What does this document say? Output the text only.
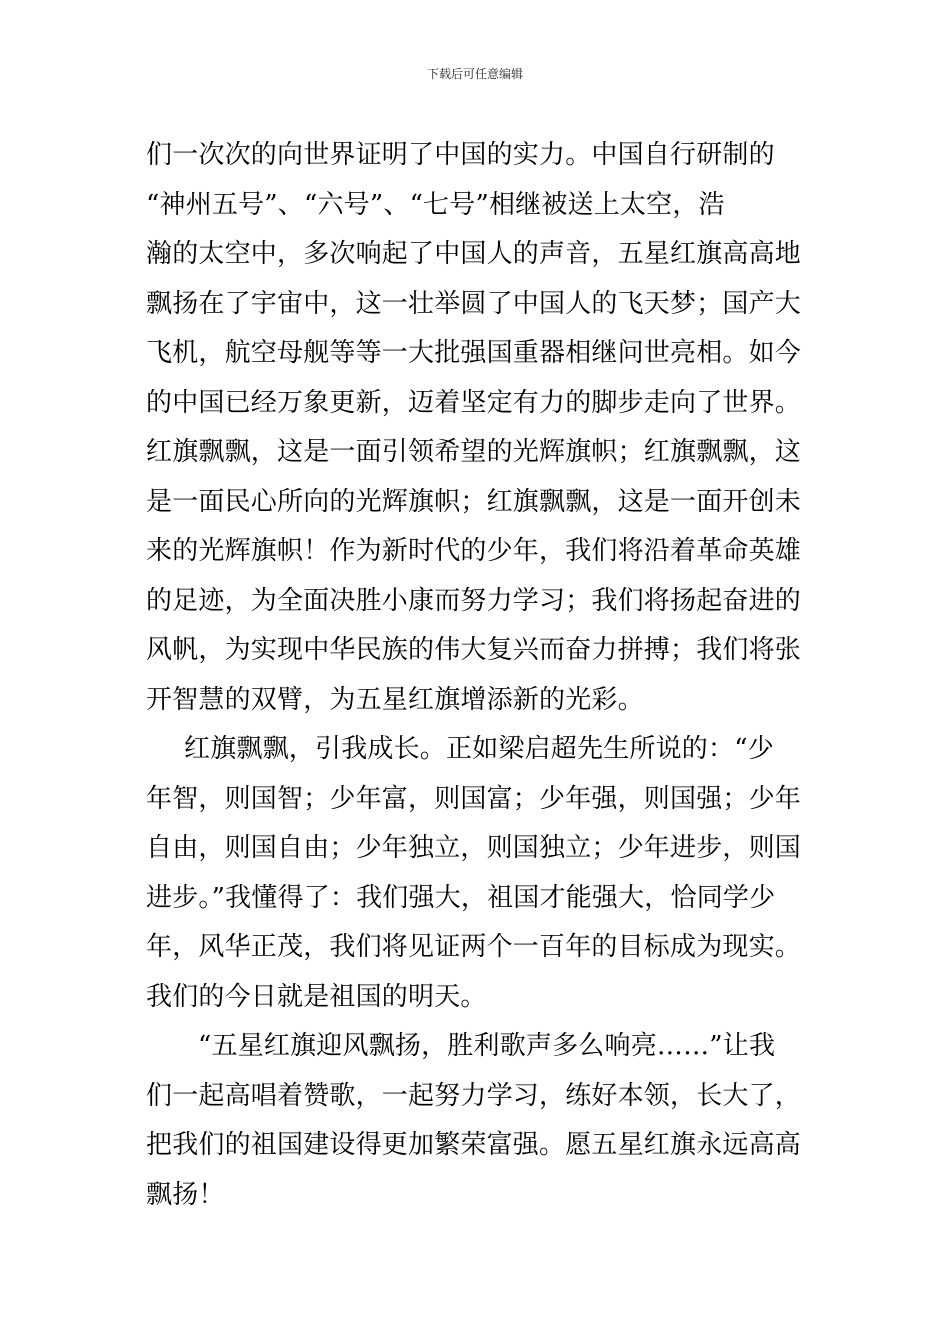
下载后可任意编辑
们一次次的向世界证明了中国的实力。中国自行研制的
“神州五号”、“六号”、“七号”相继被送上太空，浩
瀚的太空中，多次响起了中国人的声音，五星红旗高高地
飘扬在了宇宙中，这一壮举圆了中国人的飞天梦；国产大
飞机，航空母舰等等一大批强国重器相继问世亮相。如今
的中国已经万象更新，迈着坚定有力的脚步走向了世界。
红旗飘飘，这是一面引领希望的光辉旗帜；红旗飘飘，这
是一面民心所向的光辉旗帜；红旗飘飘，这是一面开创未
来的光辉旗帜！作为新时代的少年，我们将沿着革命英雄
的足迹，为全面决胜小康而努力学习；我们将扬起奋进的
风帆，为实现中华民族的伟大复兴而奋力拼搏；我们将张
开智慧的双臂，为五星红旗增添新的光彩。
红旗飘飘，引我成长。正如梁启超先生所说的：“少
年智，则国智；少年富，则国富；少年强，则国强；少年
自由，则国自由；少年独立，则国独立；少年进步，则国
进步。”我懂得了：我们强大，祖国才能强大，恰同学少
年，风华正茂，我们将见证两个一百年的目标成为现实。
我们的今日就是祖国的明天。
“五星红旗迎风飘扬，胜利歌声多么响亮……”让我
们一起高唱着赞歌，一起努力学习，练好本领，长大了，
把我们的祖国建设得更加繁荣富强。愿五星红旗永远高高
飘扬！
